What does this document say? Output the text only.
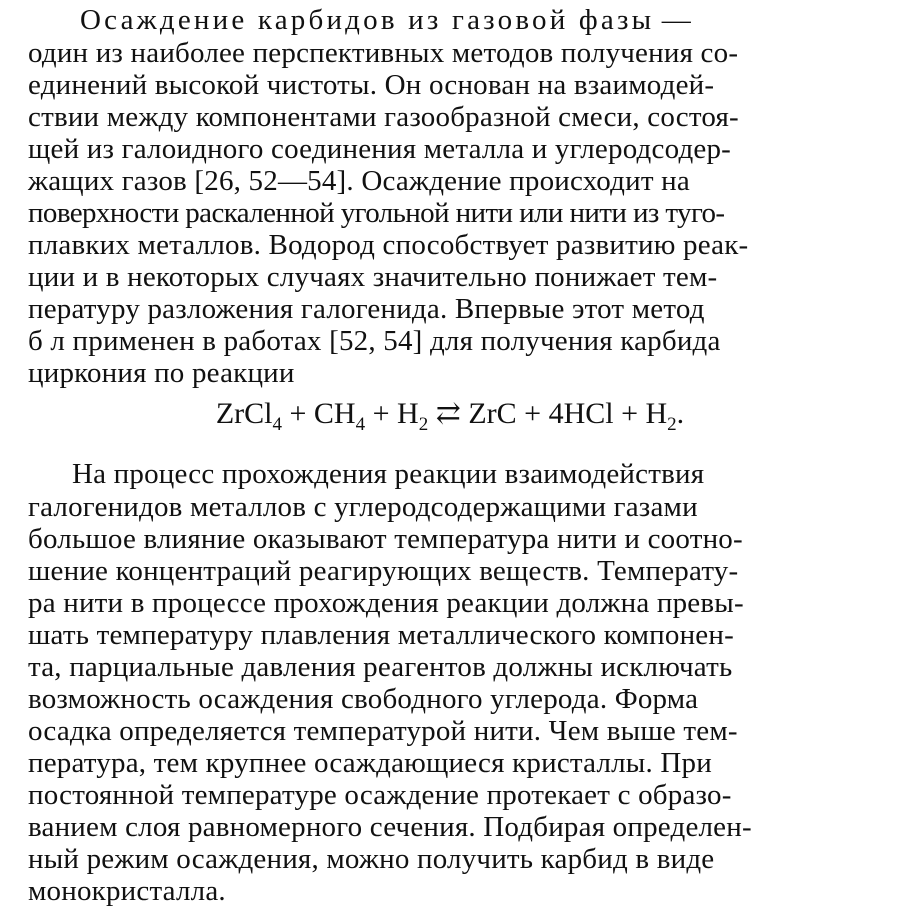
Осаждение карбидов из газовой фазы —
один из наиболее перспективных методов получения со-
единений высокой чистоты. Он основан на взаимодей-
ствии между компонентами газообразной смеси, состоя-
щей из галоидного соединения металла и углеродсодер-
жащих газов [26, 52—54]. Осаждение происходит на
поверхности раскаленной угольной нити или нити из туго-
плавких металлов. Водород способствует развитию реак-
ции и в некоторых случаях значительно понижает тем-
пературу разложения галогенида. Впервые этот метод
б л применен в работах [52, 54] для получения карбида
циркония по реакции
ZrCl$_4$ + $CH_4 + H_2$ ⇄ ZrC + $4HCl + H_2$.
На процесс прохождения реакции взаимодействия
галогенидов металлов с углеродсодержащими газами
большое влияние оказывают температура нити и соотно-
шение концентраций реагирующих веществ. Температу-
ра нити в процессе прохождения реакции должна превы-
шать температуру плавления металлического компонен-
та, парциальные давления реагентов должны исключать
возможность осаждения свободного углерода. Форма
осадка определяется температурой нити. Чем выше тем-
пература, тем крупнее осаждающиеся кристаллы. При
постоянной температуре осаждение протекает с образо-
ванием слоя равномерного сечения. Подбирая определен-
ный режим осаждения, можно получить карбид в виде
монокристалла.
